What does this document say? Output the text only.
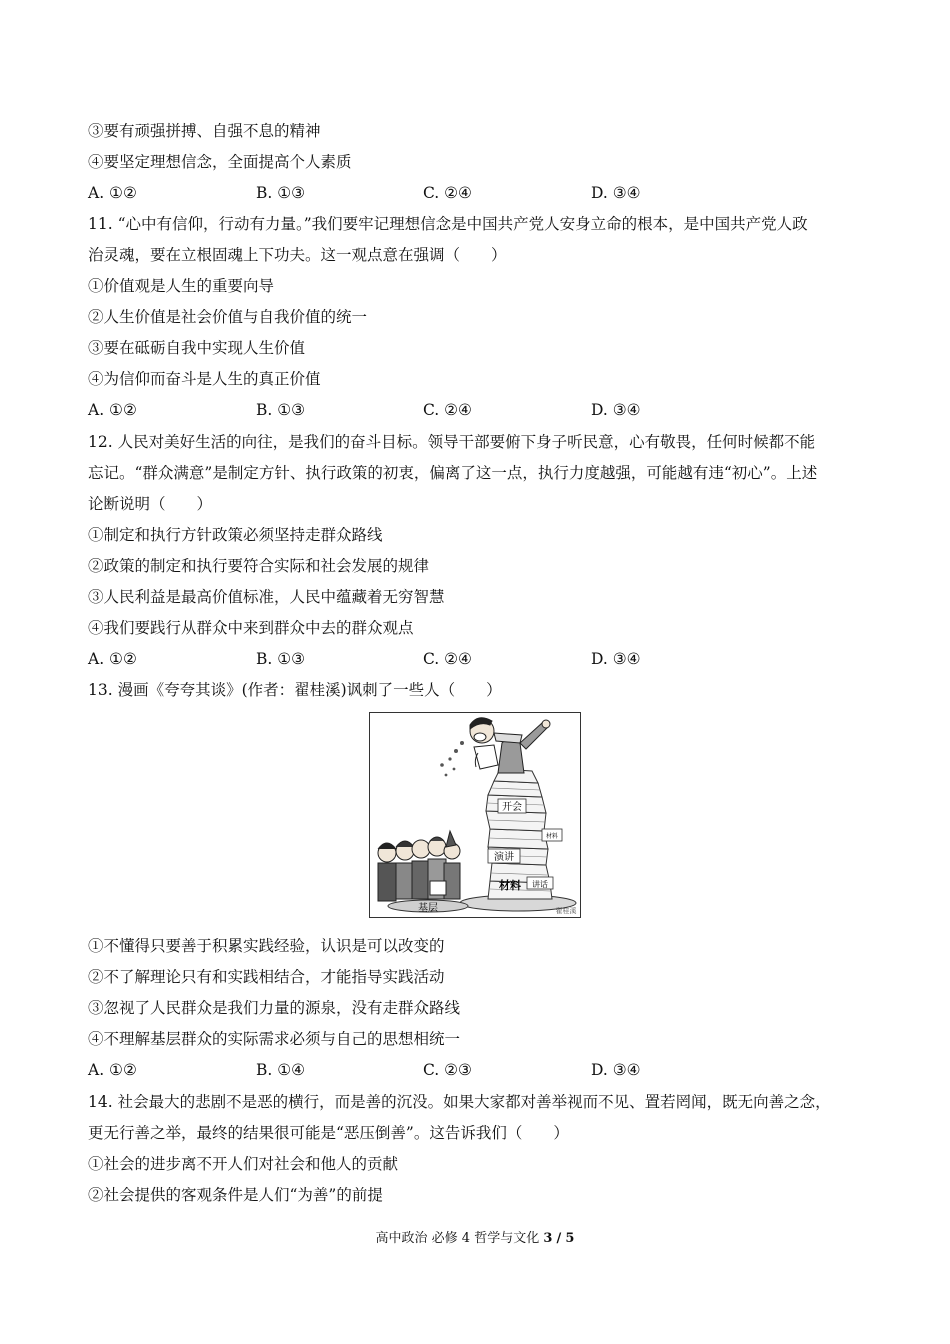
③要有顽强拼搏、自强不息的精神
④要坚定理想信念，全面提高个人素质
A. ①②	B. ①③	C. ②④	D. ③④
11. “心中有信仰，行动有力量。”我们要牢记理想信念是中国共产党人安身立命的根本，是中国共产党人政
治灵魂，要在立根固魂上下功夫。这一观点意在强调（　　）
①价值观是人生的重要向导
②人生价值是社会价值与自我价值的统一
③要在砥砺自我中实现人生价值
④为信仰而奋斗是人生的真正价值
A. ①②	B. ①③	C. ②④	D. ③④
12. 人民对美好生活的向往，是我们的奋斗目标。领导干部要俯下身子听民意，心有敬畏，任何时候都不能
忘记。“群众满意”是制定方针、执行政策的初衷，偏离了这一点，执行力度越强，可能越有违“初心”。上述
论断说明（　　）
①制定和执行方针政策必须坚持走群众路线
②政策的制定和执行要符合实际和社会发展的规律
③人民利益是最高价值标准，人民中蕴藏着无穷智慧
④我们要践行从群众中来到群众中去的群众观点
A. ①②	B. ①③	C. ②④	D. ③④
13. 漫画《夸夸其谈》(作者：翟桂溪)讽刺了一些人（　　）
开会
演讲
材料 讲话
材料
基层	翟桂溪
①不懂得只要善于积累实践经验，认识是可以改变的
②不了解理论只有和实践相结合，才能指导实践活动
③忽视了人民群众是我们力量的源泉，没有走群众路线
④不理解基层群众的实际需求必须与自己的思想相统一
A. ①②	B. ①④	C. ②③	D. ③④
14. 社会最大的悲剧不是恶的横行，而是善的沉没。如果大家都对善举视而不见、置若罔闻，既无向善之念，
更无行善之举，最终的结果很可能是“恶压倒善”。这告诉我们（　　）
①社会的进步离不开人们对社会和他人的贡献
②社会提供的客观条件是人们“为善”的前提
高中政治 必修 4 哲学与文化 3 / 5
